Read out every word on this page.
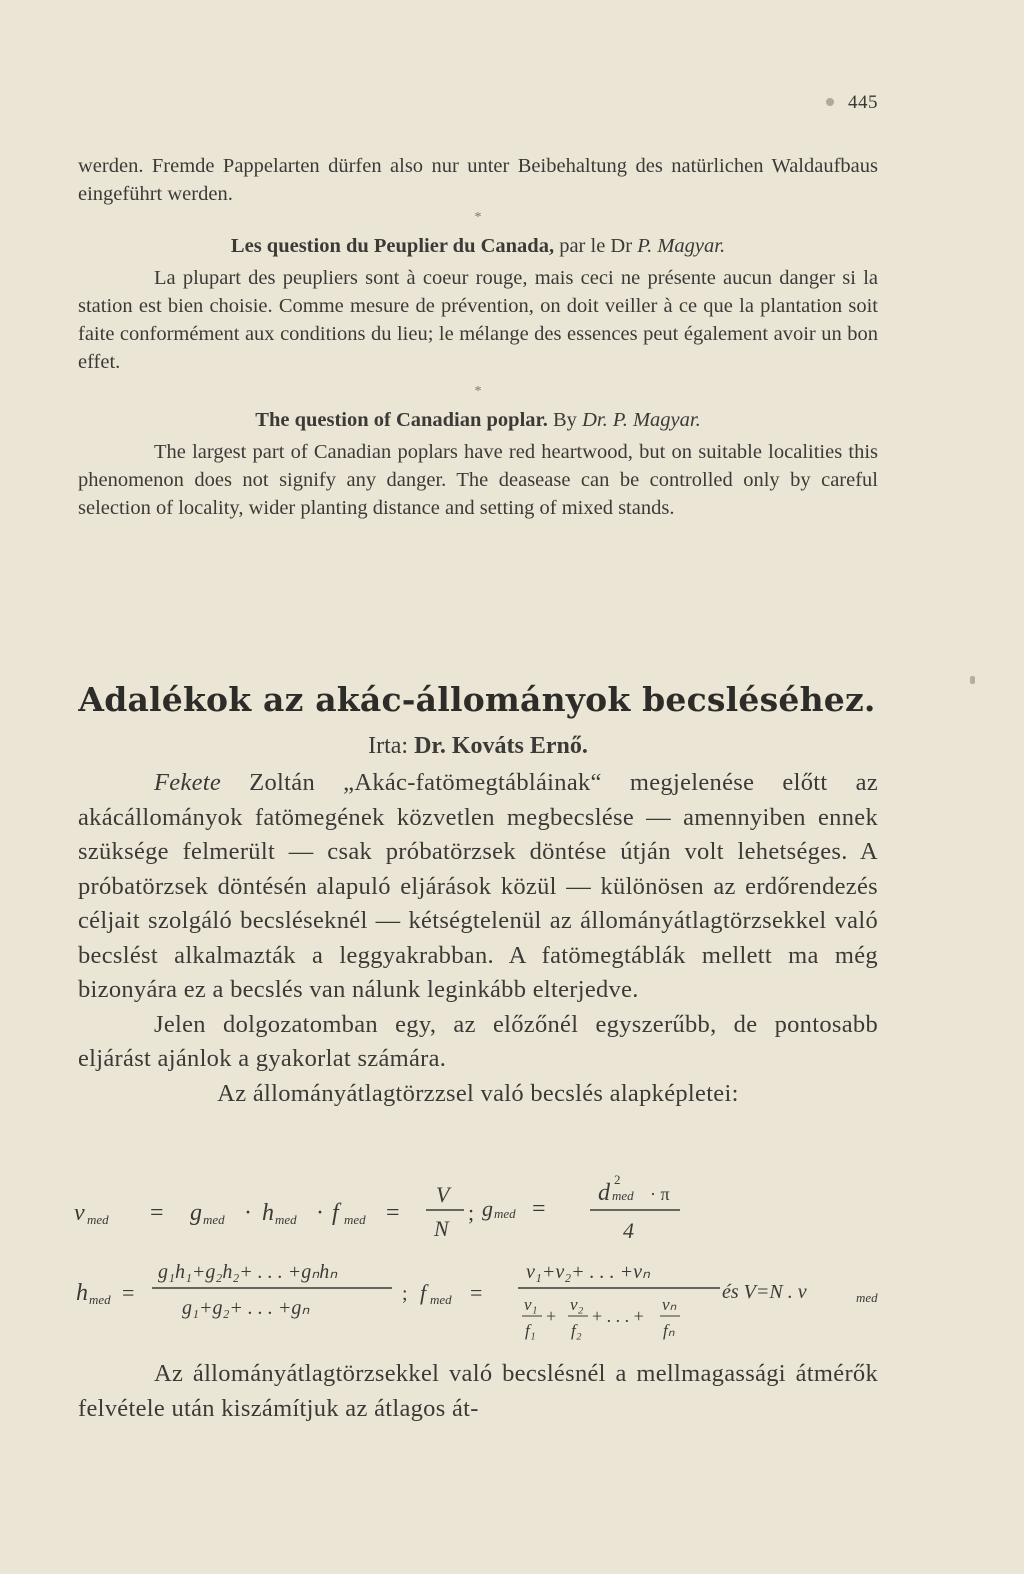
445

werden. Fremde Pappelarten dürfen also nur unter Beibehaltung des natürlichen Waldaufbaus eingeführt werden.

*

Les question du Peuplier du Canada, par le Dr P. Magyar.

La plupart des peupliers sont à coeur rouge, mais ceci ne présente aucun danger si la station est bien choisie. Comme mesure de prévention, on doit veiller à ce que la plantation soit faite conformément aux conditions du lieu; le mélange des essences peut également avoir un bon effet.

*

The question of Canadian poplar. By Dr. P. Magyar.

The largest part of Canadian poplars have red heartwood, but on suitable localities this phenomenon does not signify any danger. The deasease can be controlled only by careful selection of locality, wider planting distance and setting of mixed stands.

Adalékok az akác-állományok becsléséhez.

Irta: Dr. Kováts Ernő.

Fekete Zoltán „Akác-fatömegtábláinak“ megjelenése előtt az akácállományok fatömegének közvetlen megbecslése — amennyiben ennek szüksége felmerült — csak próbatörzsek döntése útján volt lehetséges. A próbatörzsek döntésén alapuló eljárások közül — különösen az erdőrendezés céljait szolgáló becsléseknél — kétségtelenül az állományátlagtörzsekkel való becslést alkalmazták a leggyakrabban. A fatömegtáblák mellett ma még bizonyára ez a becslés van nálunk leginkább elterjedve.

Jelen dolgozatomban egy, az előzőnél egyszerűbb, de pontosabb eljárást ajánlok a gyakorlat számára.

Az állományátlagtörzzsel való becslés alapképletei:

v med = g med · h med · f med =
V
N
; g med =
d
2
med · π
4
h med =
g₁h₁+g₂h₂+ . . . +gₙhₙ
g₁+g₂+ . . . +gₙ
; f med =
v₁+v₂+ . . . +vₙ
v₁
f₁
+
v₂
f₂
+ . . . +
vₙ
fₙ
és V=N . v	med

Az állományátlagtörzsekkel való becslésnél a mellmagassági átmérők felvétele után kiszámítjuk az átlagos át-
